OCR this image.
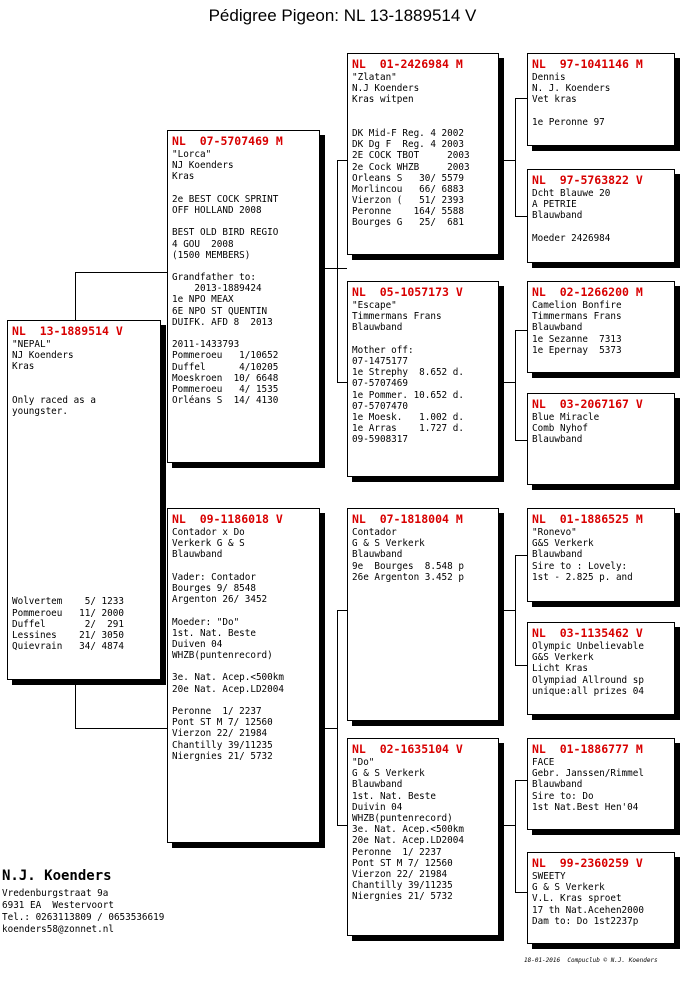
Pédigree Pigeon: NL 13-1889514 V
NL  13-1889514 V
"NEPAL"
NJ Koenders
Kras
Only raced as a
youngster.
Wolvertem    5/ 1233
Pommeroeu   11/ 2000
Duffel       2/  291
Lessines    21/ 3050
Quievrain   34/ 4874
NL  07-5707469 M
"Lorca"
NJ Koenders
Kras
2e BEST COCK SPRINT
OFF HOLLAND 2008
BEST OLD BIRD REGIO
4 GOU  2008
(1500 MEMBERS)
Grandfather to:
2013-1889424
1e NPO MEAX
6E NPO ST QUENTIN
DUIFK. AFD 8  2013
2011-1433793
Pommeroeu   1/10652
Duffel      4/10205
Moeskroen  10/ 6648
Pommeroeu   4/ 1535
Orléans S  14/ 4130
NL  09-1186018 V
Contador x Do
Verkerk G & S
Blauwband
Vader: Contador
Bourges 9/ 8548
Argenton 26/ 3452
Moeder: "Do"
1st. Nat. Beste
Duiven 04
WHZB(puntenrecord)
3e. Nat. Acep.<500km
20e Nat. Acep.LD2004
Peronne  1/ 2237
Pont ST M 7/ 12560
Vierzon 22/ 21984
Chantilly 39/11235
Niergnies 21/ 5732
NL  01-2426984 M
"Zlatan"
N.J Koenders
Kras witpen
DK Mid-F Reg. 4 2002
DK Dg F  Reg. 4 2003
2E COCK TBOT     2003
2e Cock WHZB     2003
Orleans S   30/ 5579
Morlincou   66/ 6883
Vierzon (   51/ 2393
Peronne    164/ 5588
Bourges G   25/  681
NL  05-1057173 V
"Escape"
Timmermans Frans
Blauwband
Mother off:
07-1475177
1e Strephy  8.652 d.
07-5707469
1e Pommer. 10.652 d.
07-5707470
1e Moesk.   1.002 d.
1e Arras    1.727 d.
09-5908317
NL  07-1818004 M
Contador
G & S Verkerk
Blauwband
9e  Bourges  8.548 p
26e Argenton 3.452 p
NL  02-1635104 V
"Do"
G & S Verkerk
Blauwband
1st. Nat. Beste
Duivin 04
WHZB(puntenrecord)
3e. Nat. Acep.<500km
20e Nat. Acep.LD2004
Peronne  1/ 2237
Pont ST M 7/ 12560
Vierzon 22/ 21984
Chantilly 39/11235
Niergnies 21/ 5732
NL  97-1041146 M
Dennis
N. J. Koenders
Vet kras
1e Peronne 97
NL  97-5763822 V
Dcht Blauwe 20
A PETRIE
Blauwband
Moeder 2426984
NL  02-1266200 M
Camelion Bonfire
Timmermans Frans
Blauwband
1e Sezanne  7313
1e Epernay  5373
NL  03-2067167 V
Blue Miracle
Comb Nyhof
Blauwband
NL  01-1886525 M
"Ronevo"
G&S Verkerk
Blauwband
Sire to : Lovely:
1st - 2.825 p. and
NL  03-1135462 V
Olympic Unbelievable
G&S Verkerk
Licht Kras
Olympiad Allround sp
unique:all prizes 04
NL  01-1886777 M
FACE
Gebr. Janssen/Rimmel
Blauwband
Sire to: Do
1st Nat.Best Hen'04
NL  99-2360259 V
SWEETY
G & S Verkerk
V.L. Kras sproet
17 th Nat.Acehen2000
Dam to: Do 1st2237p
N.J. Koenders
Vredenburgstraat 9a
6931 EA  Westervoort
Tel.: 0263113809 / 0653536619
koenders58@zonnet.nl
18-01-2016  Compuclub © N.J. Koenders
